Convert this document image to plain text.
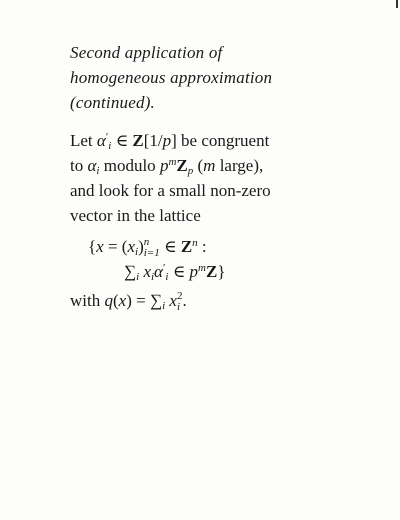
Second application of
homogeneous approximation
(continued).
Let $\alpha'_i$ ∈ Z[1/p] be congruent
to $\alpha_i$ modulo $p^mZ_p$ (m large),
and look for a small non-zero
vector in the lattice
{$x = (x_i)$ n
i=1 ∈ $Z^n$ :
$\sum_i$ $x_i\alpha'_i$ ∈ $p^mZ$}
with $q(x) = \sum_i$ x 2
i .
